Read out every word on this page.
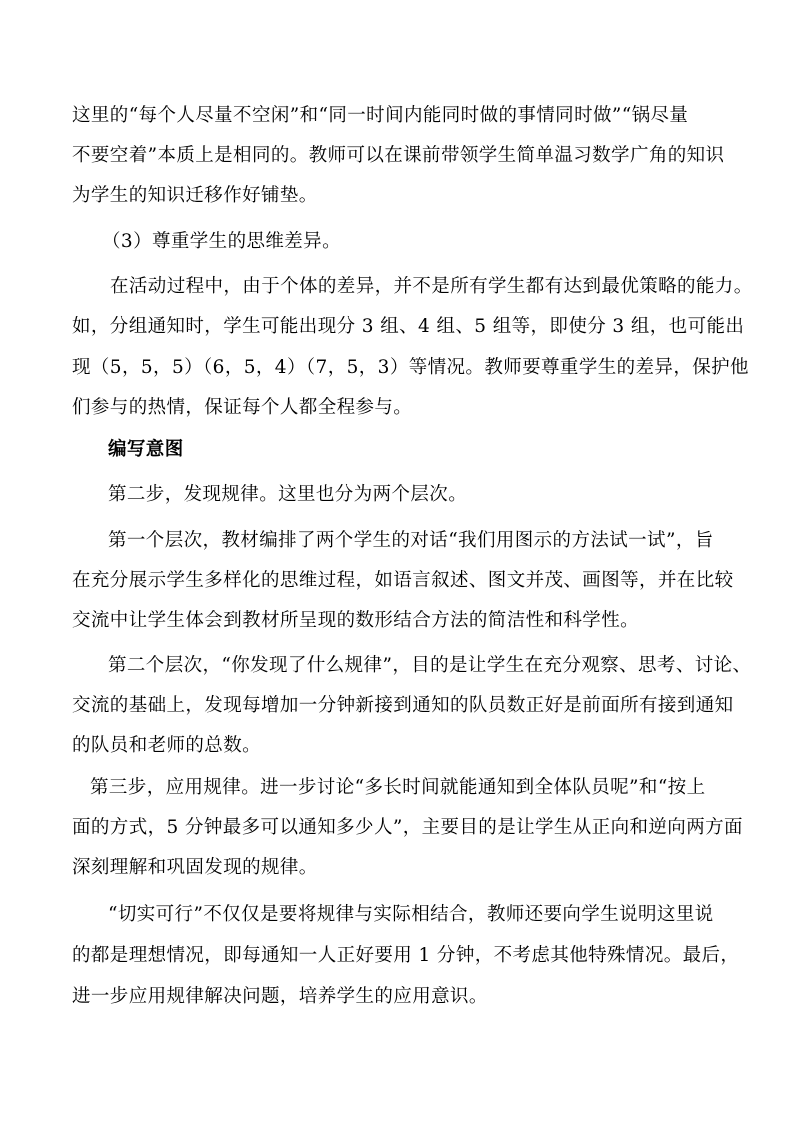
这里的“每个人尽量不空闲”和“同一时间内能同时做的事情同时做”“锅尽量
不要空着”本质上是相同的。教师可以在课前带领学生简单温习数学广角的知识
为学生的知识迁移作好铺垫。
（3）尊重学生的思维差异。
在活动过程中，由于个体的差异，并不是所有学生都有达到最优策略的能力。
如，分组通知时，学生可能出现分 3 组、4 组、5 组等，即使分 3 组，也可能出
现（5，5，5）（6，5，4）（7，5，3）等情况。教师要尊重学生的差异，保护他
们参与的热情，保证每个人都全程参与。
编写意图
第二步，发现规律。这里也分为两个层次。
第一个层次，教材编排了两个学生的对话“我们用图示的方法试一试”，旨
在充分展示学生多样化的思维过程，如语言叙述、图文并茂、画图等，并在比较
交流中让学生体会到教材所呈现的数形结合方法的简洁性和科学性。
第二个层次，“你发现了什么规律”，目的是让学生在充分观察、思考、讨论、
交流的基础上，发现每增加一分钟新接到通知的队员数正好是前面所有接到通知
的队员和老师的总数。
第三步，应用规律。进一步讨论“多长时间就能通知到全体队员呢”和“按上
面的方式，5 分钟最多可以通知多少人”，主要目的是让学生从正向和逆向两方面
深刻理解和巩固发现的规律。
“切实可行”不仅仅是要将规律与实际相结合，教师还要向学生说明这里说
的都是理想情况，即每通知一人正好要用 1 分钟，不考虑其他特殊情况。最后，
进一步应用规律解决问题，培养学生的应用意识。
